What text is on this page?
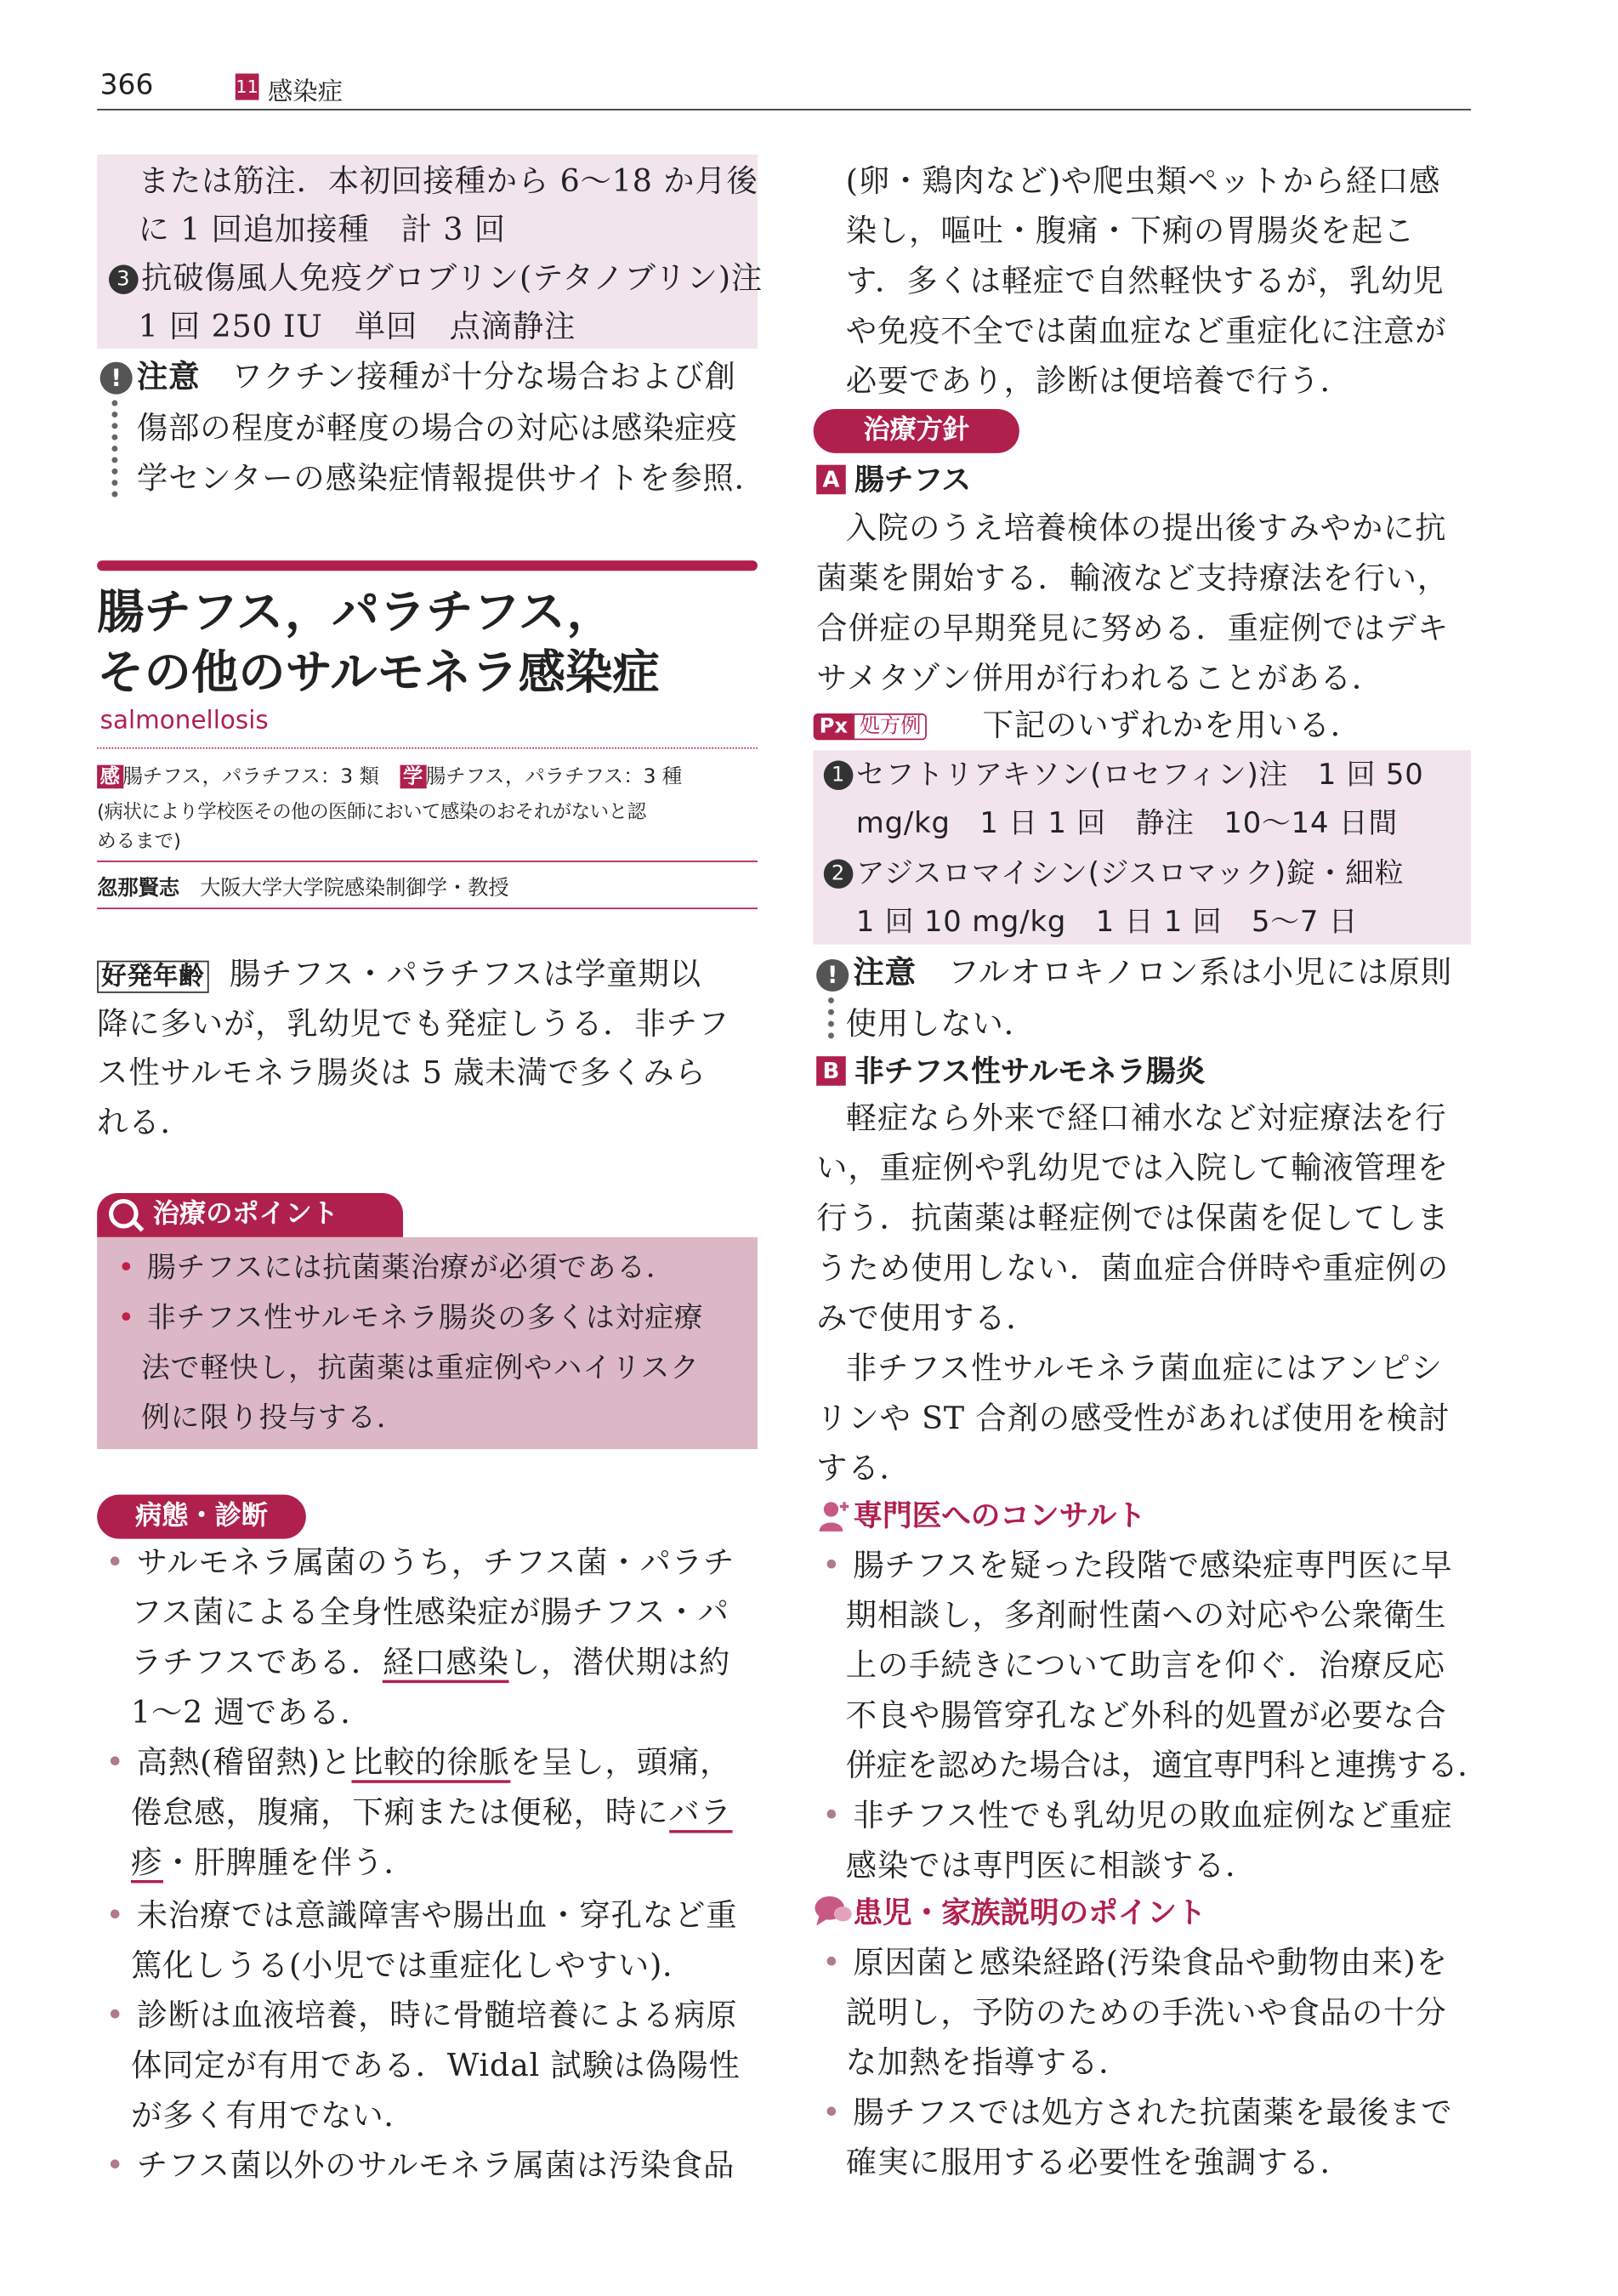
366	11 感染症
または筋注．本初回接種から 6〜18 か月後
に 1 回追加接種　計 3 回
3 抗破傷風人免疫グロブリン(テタノブリン)注
1 回 250 IU　単回　点滴静注
! 注意　 ワクチン接種が十分な場合および創
傷部の程度が軽度の場合の対応は感染症疫
学センターの感染症情報提供サイトを参照．
腸チフス，パラチフス，
その他のサルモネラ感染症
salmonellosis
感 腸チフス，パラチフス：3 類 学 腸チフス，パラチフス：3 種
(病状により学校医その他の医師において感染のおそれがないと認
めるまで)
忽那賢志　 大阪大学大学院感染制御学・教授
好発年齢 腸チフス・パラチフスは学童期以
降に多いが，乳幼児でも発症しうる．非チフ
ス性サルモネラ腸炎は 5 歳未満で多くみら
れる．
治療のポイント
• 腸チフスには抗菌薬治療が必須である．
• 非チフス性サルモネラ腸炎の多くは対症療
法で軽快し，抗菌薬は重症例やハイリスク
例に限り投与する．
病態・診断
• サルモネラ属菌のうち，チフス菌・パラチ
フス菌による全身性感染症が腸チフス・パ
ラチフスである．経口感染し，潜伏期は約
1〜2 週である．
• 高熱(稽留熱)と比較的徐脈を呈し，頭痛，
倦怠感，腹痛，下痢または便秘，時にバラ
疹・肝脾腫を伴う．
• 未治療では意識障害や腸出血・穿孔など重
篤化しうる(小児では重症化しやすい)．
• 診断は血液培養，時に骨髄培養による病原
体同定が有用である．Widal 試験は偽陽性
が多く有用でない．
• チフス菌以外のサルモネラ属菌は汚染食品
(卵・鶏肉など)や爬虫類ペットから経口感
染し，嘔吐・腹痛・下痢の胃腸炎を起こ
す．多くは軽症で自然軽快するが，乳幼児
や免疫不全では菌血症など重症化に注意が
必要であり，診断は便培養で行う．
治療方針
A 腸チフス
入院のうえ培養検体の提出後すみやかに抗
菌薬を開始する．輸液など支持療法を行い，
合併症の早期発見に努める．重症例ではデキ
サメタゾン併用が行われることがある．
Px 処方例	下記のいずれかを用いる．
1 セフトリアキソン(ロセフィン)注　1 回 50
mg/kg　1 日 1 回　静注　10〜14 日間
2 アジスロマイシン(ジスロマック)錠・細粒
1 回 10 mg/kg　1 日 1 回　5〜7 日
! 注意　 フルオロキノロン系は小児には原則
使用しない．
B 非チフス性サルモネラ腸炎
軽症なら外来で経口補水など対症療法を行
い，重症例や乳幼児では入院して輸液管理を
行う．抗菌薬は軽症例では保菌を促してしま
うため使用しない．菌血症合併時や重症例の
みで使用する．
非チフス性サルモネラ菌血症にはアンピシ
リンや ST 合剤の感受性があれば使用を検討
する．
専門医へのコンサルト
• 腸チフスを疑った段階で感染症専門医に早
期相談し，多剤耐性菌への対応や公衆衛生
上の手続きについて助言を仰ぐ．治療反応
不良や腸管穿孔など外科的処置が必要な合
併症を認めた場合は，適宜専門科と連携する．
• 非チフス性でも乳幼児の敗血症例など重症
感染では専門医に相談する．
患児・家族説明のポイント
• 原因菌と感染経路(汚染食品や動物由来)を
説明し，予防のための手洗いや食品の十分
な加熱を指導する．
• 腸チフスでは処方された抗菌薬を最後まで
確実に服用する必要性を強調する．
